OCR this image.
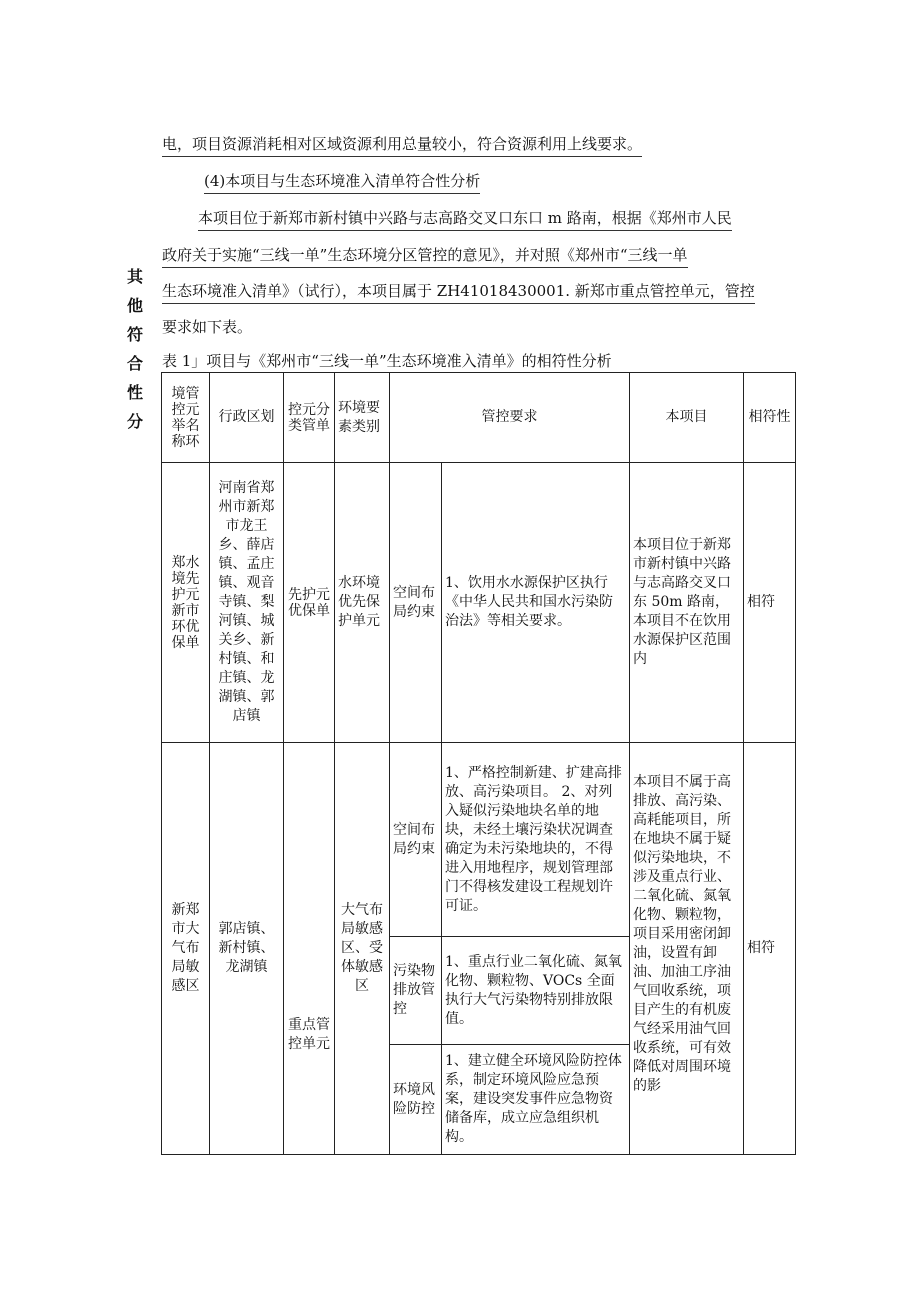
电，项目资源消耗相对区域资源利用总量较小，符合资源利用上线要求。
(4)本项目与生态环境准入清单符合性分析
本项目位于新郑市新村镇中兴路与志高路交叉口东口 m 路南，根据《郑州市人民
政府关于实施“三线一单”生态环境分区管控的意见》，并对照《郑州市“三线一单
生态环境准入清单》（试行），本项目属于 ZH41018430001. 新郑市重点管控单元，管控
要求如下表。
其
他
符
合
性
分
表 1」项目与《郑州市“三线一单”生态环境准入清单》的相符性分析
境管控元举名称环	行政区划	控元分类管单	环境要素类别	管控要求		本项目	相符性
郑水境先护元新市环优保单	河南省郑州市新郑市龙王乡、薛店镇、孟庄镇、观音寺镇、梨河镇、城关乡、新村镇、和庄镇、龙湖镇、郭店镇	先护元优保单	水环境优先保护单元	空间布局约束	1、饮用水水源保护区执行《中华人民共和国水污染防治法》等相关要求。	本项目位于新郑市新村镇中兴路与志高路交叉口东 50m 路南，本项目不在饮用水源保护区范围内	相符
新郑市大气布局敏感区	郭店镇、新村镇、龙湖镇	重点管控单元	大气布局敏感区、受体敏感区	空间布局约束	1、严格控制新建、扩建高排放、高污染项目。 2、对列入疑似污染地块名单的地块，未经土壤污染状况调查确定为未污染地块的，不得进入用地程序，规划管理部门不得核发建设工程规划许可证。	本项目不属于高排放、高污染、高耗能项目，所在地块不属于疑似污染地块，不涉及重点行业、二氧化硫、氮氧化物、颗粒物，项目采用密闭卸油，设置有卸油、加油工序油气回收系统，项目产生的有机废气经采用油气回收系统，可有效降低对周围环境的影	相符
				污染物排放管控	1、重点行业二氧化硫、氮氧化物、颗粒物、VOCs 全面执行大气污染物特别排放限值。		
				环境风险防控	1、建立健全环境风险防控体系，制定环境风险应急预案，建设突发事件应急物资储备库，成立应急组织机构。		
